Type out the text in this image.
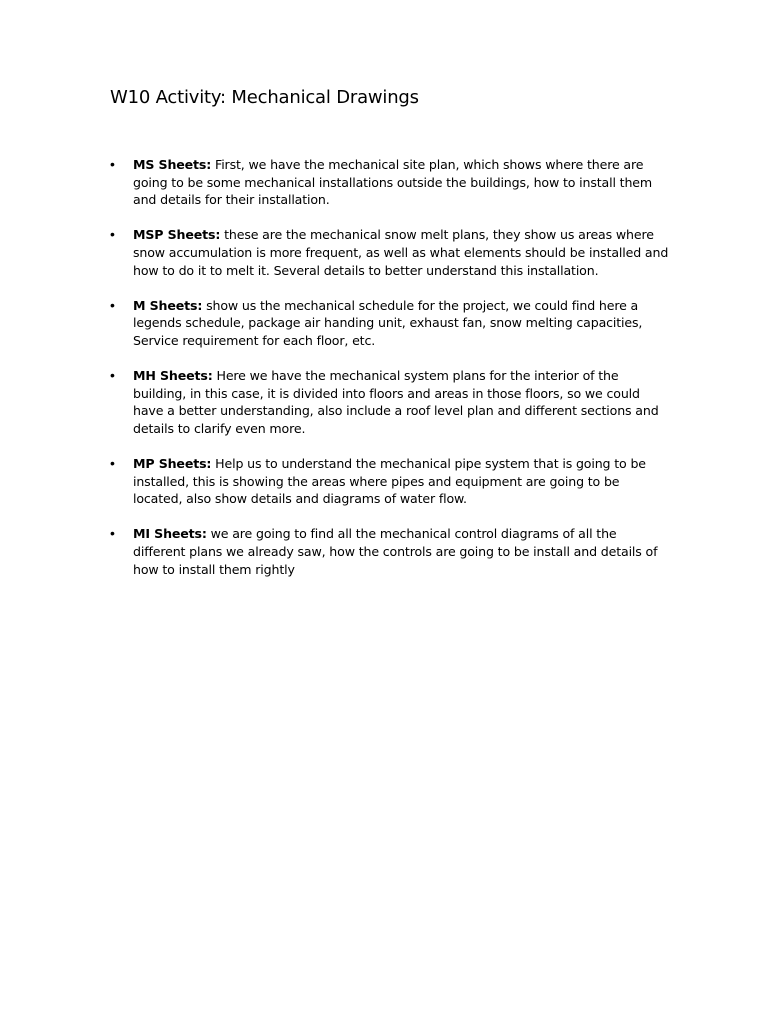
W10 Activity: Mechanical Drawings
• MS Sheets: First, we have the mechanical site plan, which shows where there are going to be some mechanical installations outside the buildings, how to install them and details for their installation.
• MSP Sheets: these are the mechanical snow melt plans, they show us areas where snow accumulation is more frequent, as well as what elements should be installed and how to do it to melt it. Several details to better understand this installation.
• M Sheets: show us the mechanical schedule for the project, we could find here a legends schedule, package air handing unit, exhaust fan, snow melting capacities, Service requirement for each floor, etc.
• MH Sheets: Here we have the mechanical system plans for the interior of the building, in this case, it is divided into floors and areas in those floors, so we could have a better understanding, also include a roof level plan and different sections and details to clarify even more.
• MP Sheets: Help us to understand the mechanical pipe system that is going to be installed, this is showing the areas where pipes and equipment are going to be located, also show details and diagrams of water flow.
• MI Sheets: we are going to find all the mechanical control diagrams of all the different plans we already saw, how the controls are going to be install and details of how to install them rightly
